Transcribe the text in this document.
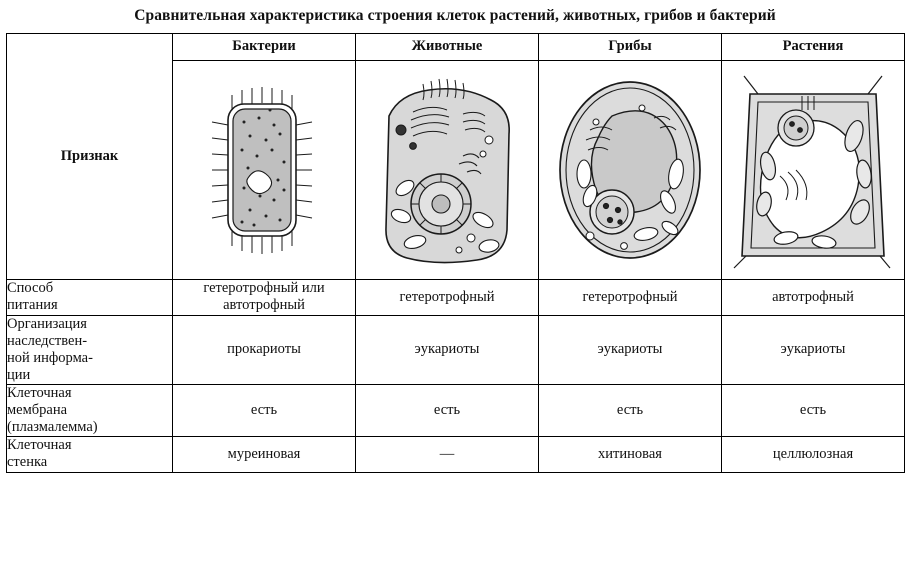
Сравнительная характеристика строения клеток растений, животных, грибов и бактерий
Признак	Бактерии	Животные	Грибы	Растения

Способ
питания	гетеротрофный или автотрофный	гетеротрофный	гетеротрофный	автотрофный

Организация
наследствен-
ной информа-
ции	прокариоты	эукариоты	эукариоты	эукариоты

Клеточная
мембрана
(плазмалемма)	есть	есть	есть	есть

Клеточная
стенка	муреиновая	—	хитиновая	целлюлозная
